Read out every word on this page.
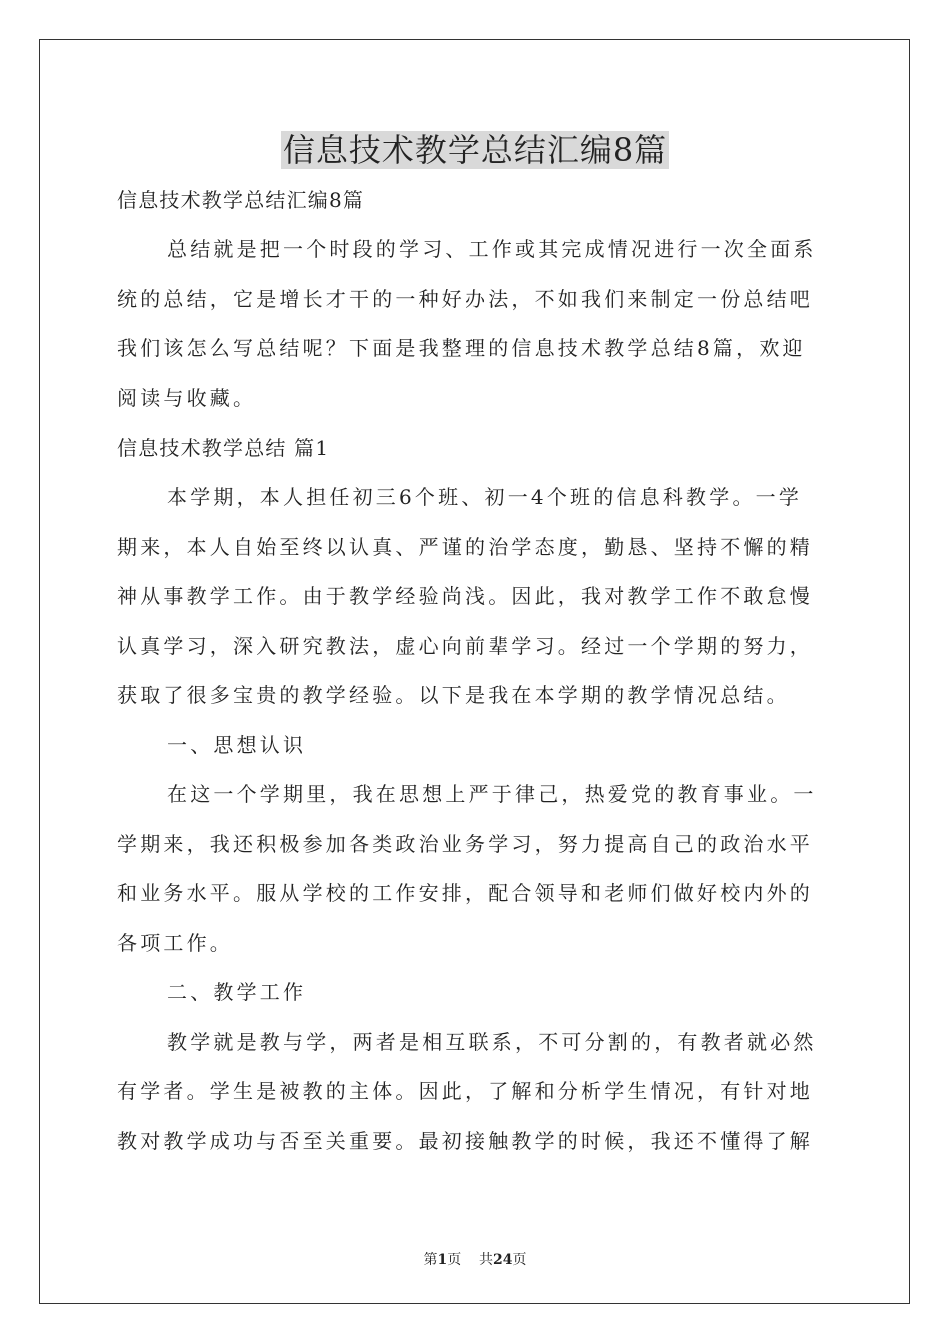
信息技术教学总结汇编8篇

信息技术教学总结汇编8篇

总结就是把一个时段的学习、工作或其完成情况进行一次全面系

统的总结，它是增长才干的一种好办法，不如我们来制定一份总结吧

我们该怎么写总结呢？下面是我整理的信息技术教学总结8篇，欢迎

阅读与收藏。

信息技术教学总结 篇1

本学期，本人担任初三6个班、初一4个班的信息科教学。一学

期来，本人自始至终以认真、严谨的治学态度，勤恳、坚持不懈的精

神从事教学工作。由于教学经验尚浅。因此，我对教学工作不敢怠慢

认真学习，深入研究教法，虚心向前辈学习。经过一个学期的努力，

获取了很多宝贵的教学经验。以下是我在本学期的教学情况总结。

一、思想认识

在这一个学期里，我在思想上严于律己，热爱党的教育事业。一

学期来，我还积极参加各类政治业务学习，努力提高自己的政治水平

和业务水平。服从学校的工作安排，配合领导和老师们做好校内外的

各项工作。

二、教学工作

教学就是教与学，两者是相互联系，不可分割的，有教者就必然

有学者。学生是被教的主体。因此，了解和分析学生情况，有针对地

教对教学成功与否至关重要。最初接触教学的时候，我还不懂得了解

第1页 共24页
